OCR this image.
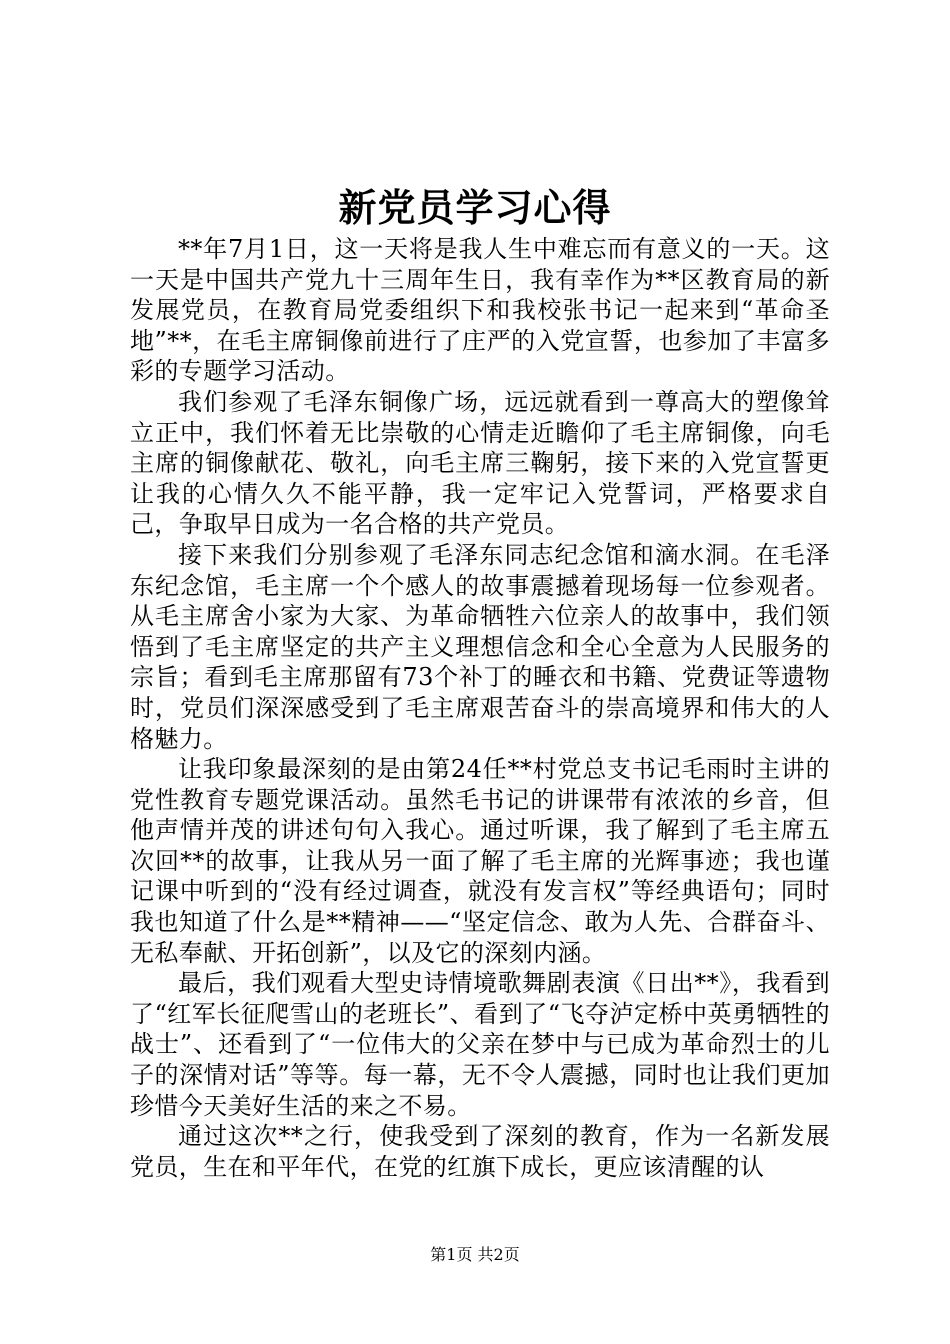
新党员学习心得

**年7月1日，这一天将是我人生中难忘而有意义的一天。这一天是中国共产党九十三周年生日，我有幸作为**区教育局的新发展党员，在教育局党委组织下和我校张书记一起来到“革命圣地”**，在毛主席铜像前进行了庄严的入党宣誓，也参加了丰富多彩的专题学习活动。

我们参观了毛泽东铜像广场，远远就看到一尊高大的塑像耸立正中，我们怀着无比崇敬的心情走近瞻仰了毛主席铜像，向毛主席的铜像献花、敬礼，向毛主席三鞠躬，接下来的入党宣誓更让我的心情久久不能平静，我一定牢记入党誓词，严格要求自己，争取早日成为一名合格的共产党员。

接下来我们分别参观了毛泽东同志纪念馆和滴水洞。在毛泽东纪念馆，毛主席一个个感人的故事震撼着现场每一位参观者。从毛主席舍小家为大家、为革命牺牲六位亲人的故事中，我们领悟到了毛主席坚定的共产主义理想信念和全心全意为人民服务的宗旨；看到毛主席那留有73个补丁的睡衣和书籍、党费证等遗物时，党员们深深感受到了毛主席艰苦奋斗的崇高境界和伟大的人格魅力。

让我印象最深刻的是由第24任**村党总支书记毛雨时主讲的党性教育专题党课活动。虽然毛书记的讲课带有浓浓的乡音，但他声情并茂的讲述句句入我心。通过听课，我了解到了毛主席五次回**的故事，让我从另一面了解了毛主席的光辉事迹；我也谨记课中听到的“没有经过调查，就没有发言权”等经典语句；同时我也知道了什么是**精神——“坚定信念、敢为人先、合群奋斗、无私奉献、开拓创新”，以及它的深刻内涵。

最后，我们观看大型史诗情境歌舞剧表演《日出**》，我看到了“红军长征爬雪山的老班长”、看到了“飞夺泸定桥中英勇牺牲的战士”、还看到了“一位伟大的父亲在梦中与已成为革命烈士的儿子的深情对话”等等。每一幕，无不令人震撼，同时也让我们更加珍惜今天美好生活的来之不易。

通过这次**之行，使我受到了深刻的教育，作为一名新发展党员，生在和平年代，在党的红旗下成长，更应该清醒的认

第1页 共2页
